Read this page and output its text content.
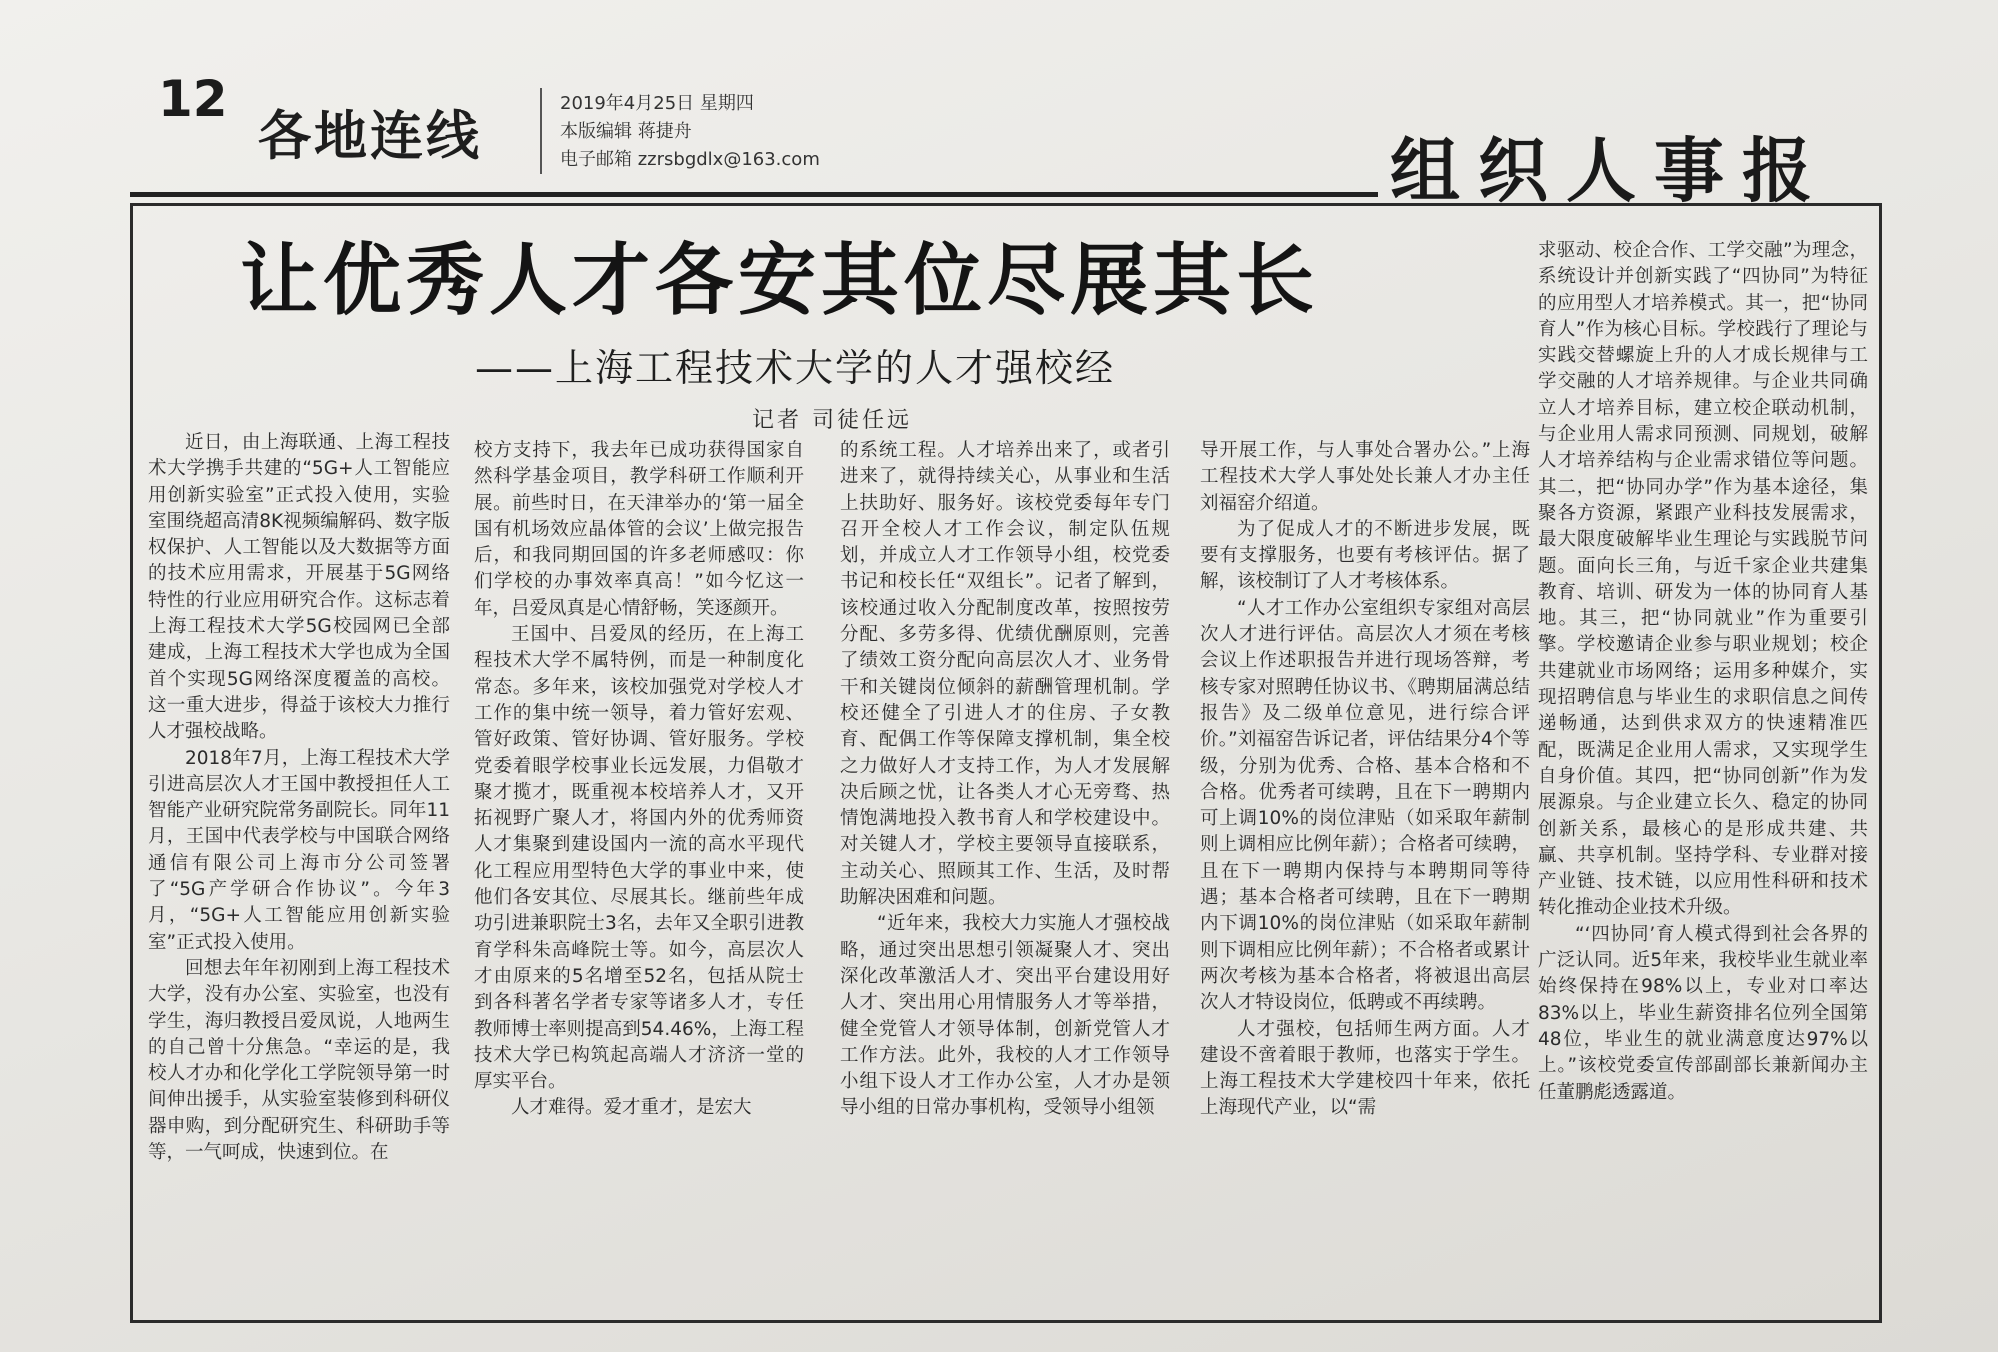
12
各地连线
2019年4月25日 星期四
本版编辑 蒋捷舟
电子邮箱 zzrsbgdlx@163.com	组织人事报
让优秀人才各安其位尽展其长
——上海工程技术大学的人才强校经
记者 司徒任远

近日，由上海联通、上海工程技术大学携手共建的“5G+人工智能应用创新实验室”正式投入使用，实验室围绕超高清8K视频编解码、数字版权保护、人工智能以及大数据等方面的技术应用需求，开展基于5G网络特性的行业应用研究合作。这标志着上海工程技术大学5G校园网已全部建成，上海工程技术大学也成为全国首个实现5G网络深度覆盖的高校。这一重大进步，得益于该校大力推行人才强校战略。

2018年7月，上海工程技术大学引进高层次人才王国中教授担任人工智能产业研究院常务副院长。同年11月，王国中代表学校与中国联合网络通信有限公司上海市分公司签署了“5G产学研合作协议”。今年3月，“5G+人工智能应用创新实验室”正式投入使用。

回想去年年初刚到上海工程技术大学，没有办公室、实验室，也没有学生，海归教授吕爱凤说，人地两生的自己曾十分焦急。“幸运的是，我校人才办和化学化工学院领导第一时间伸出援手，从实验室装修到科研仪器申购，到分配研究生、科研助手等等，一气呵成，快速到位。在

校方支持下，我去年已成功获得国家自然科学基金项目，教学科研工作顺利开展。前些时日，在天津举办的‘第一届全国有机场效应晶体管的会议’上做完报告后，和我同期回国的许多老师感叹：你们学校的办事效率真高！”如今忆这一年，吕爱凤真是心情舒畅，笑逐颜开。

王国中、吕爱凤的经历，在上海工程技术大学不属特例，而是一种制度化常态。多年来，该校加强党对学校人才工作的集中统一领导，着力管好宏观、管好政策、管好协调、管好服务。学校党委着眼学校事业长远发展，力倡敬才聚才揽才，既重视本校培养人才，又开拓视野广聚人才，将国内外的优秀师资人才集聚到建设国内一流的高水平现代化工程应用型特色大学的事业中来，使他们各安其位、尽展其长。继前些年成功引进兼职院士3名，去年又全职引进教育学科朱高峰院士等。如今，高层次人才由原来的5名增至52名，包括从院士到各科著名学者专家等诸多人才，专任教师博士率则提高到54.46%，上海工程技术大学已构筑起高端人才济济一堂的厚实平台。

人才难得。爱才重才，是宏大

的系统工程。人才培养出来了，或者引进来了，就得持续关心，从事业和生活上扶助好、服务好。该校党委每年专门召开全校人才工作会议，制定队伍规划，并成立人才工作领导小组，校党委书记和校长任“双组长”。记者了解到，该校通过收入分配制度改革，按照按劳分配、多劳多得、优绩优酬原则，完善了绩效工资分配向高层次人才、业务骨干和关键岗位倾斜的薪酬管理机制。学校还健全了引进人才的住房、子女教育、配偶工作等保障支撑机制，集全校之力做好人才支持工作，为人才发展解决后顾之忧，让各类人才心无旁骛、热情饱满地投入教书育人和学校建设中。对关键人才，学校主要领导直接联系，主动关心、照顾其工作、生活，及时帮助解决困难和问题。

“近年来，我校大力实施人才强校战略，通过突出思想引领凝聚人才、突出深化改革激活人才、突出平台建设用好人才、突出用心用情服务人才等举措，健全党管人才领导体制，创新党管人才工作方法。此外，我校的人才工作领导小组下设人才工作办公室，人才办是领导小组的日常办事机构，受领导小组领

导开展工作，与人事处合署办公。”上海工程技术大学人事处处长兼人才办主任刘福窑介绍道。

为了促成人才的不断进步发展，既要有支撑服务，也要有考核评估。据了解，该校制订了人才考核体系。

“人才工作办公室组织专家组对高层次人才进行评估。高层次人才须在考核会议上作述职报告并进行现场答辩，考核专家对照聘任协议书、《聘期届满总结报告》及二级单位意见，进行综合评价。”刘福窑告诉记者，评估结果分4个等级，分别为优秀、合格、基本合格和不合格。优秀者可续聘，且在下一聘期内可上调10%的岗位津贴（如采取年薪制则上调相应比例年薪）；合格者可续聘，且在下一聘期内保持与本聘期同等待遇；基本合格者可续聘，且在下一聘期内下调10%的岗位津贴（如采取年薪制则下调相应比例年薪）；不合格者或累计两次考核为基本合格者，将被退出高层次人才特设岗位，低聘或不再续聘。

人才强校，包括师生两方面。人才建设不啻着眼于教师，也落实于学生。上海工程技术大学建校四十年来，依托上海现代产业，以“需

求驱动、校企合作、工学交融”为理念，系统设计并创新实践了“四协同”为特征的应用型人才培养模式。其一，把“协同育人”作为核心目标。学校践行了理论与实践交替螺旋上升的人才成长规律与工学交融的人才培养规律。与企业共同确立人才培养目标，建立校企联动机制，与企业用人需求同预测、同规划，破解人才培养结构与企业需求错位等问题。其二，把“协同办学”作为基本途径，集聚各方资源，紧跟产业科技发展需求，最大限度破解毕业生理论与实践脱节问题。面向长三角，与近千家企业共建集教育、培训、研发为一体的协同育人基地。其三，把“协同就业”作为重要引擎。学校邀请企业参与职业规划；校企共建就业市场网络；运用多种媒介，实现招聘信息与毕业生的求职信息之间传递畅通，达到供求双方的快速精准匹配，既满足企业用人需求，又实现学生自身价值。其四，把“协同创新”作为发展源泉。与企业建立长久、稳定的协同创新关系，最核心的是形成共建、共赢、共享机制。坚持学科、专业群对接产业链、技术链，以应用性科研和技术转化推动企业技术升级。

“‘四协同’育人模式得到社会各界的广泛认同。近5年来，我校毕业生就业率始终保持在98%以上，专业对口率达83%以上，毕业生薪资排名位列全国第48位，毕业生的就业满意度达97%以上。”该校党委宣传部副部长兼新闻办主任董鹏彪透露道。
